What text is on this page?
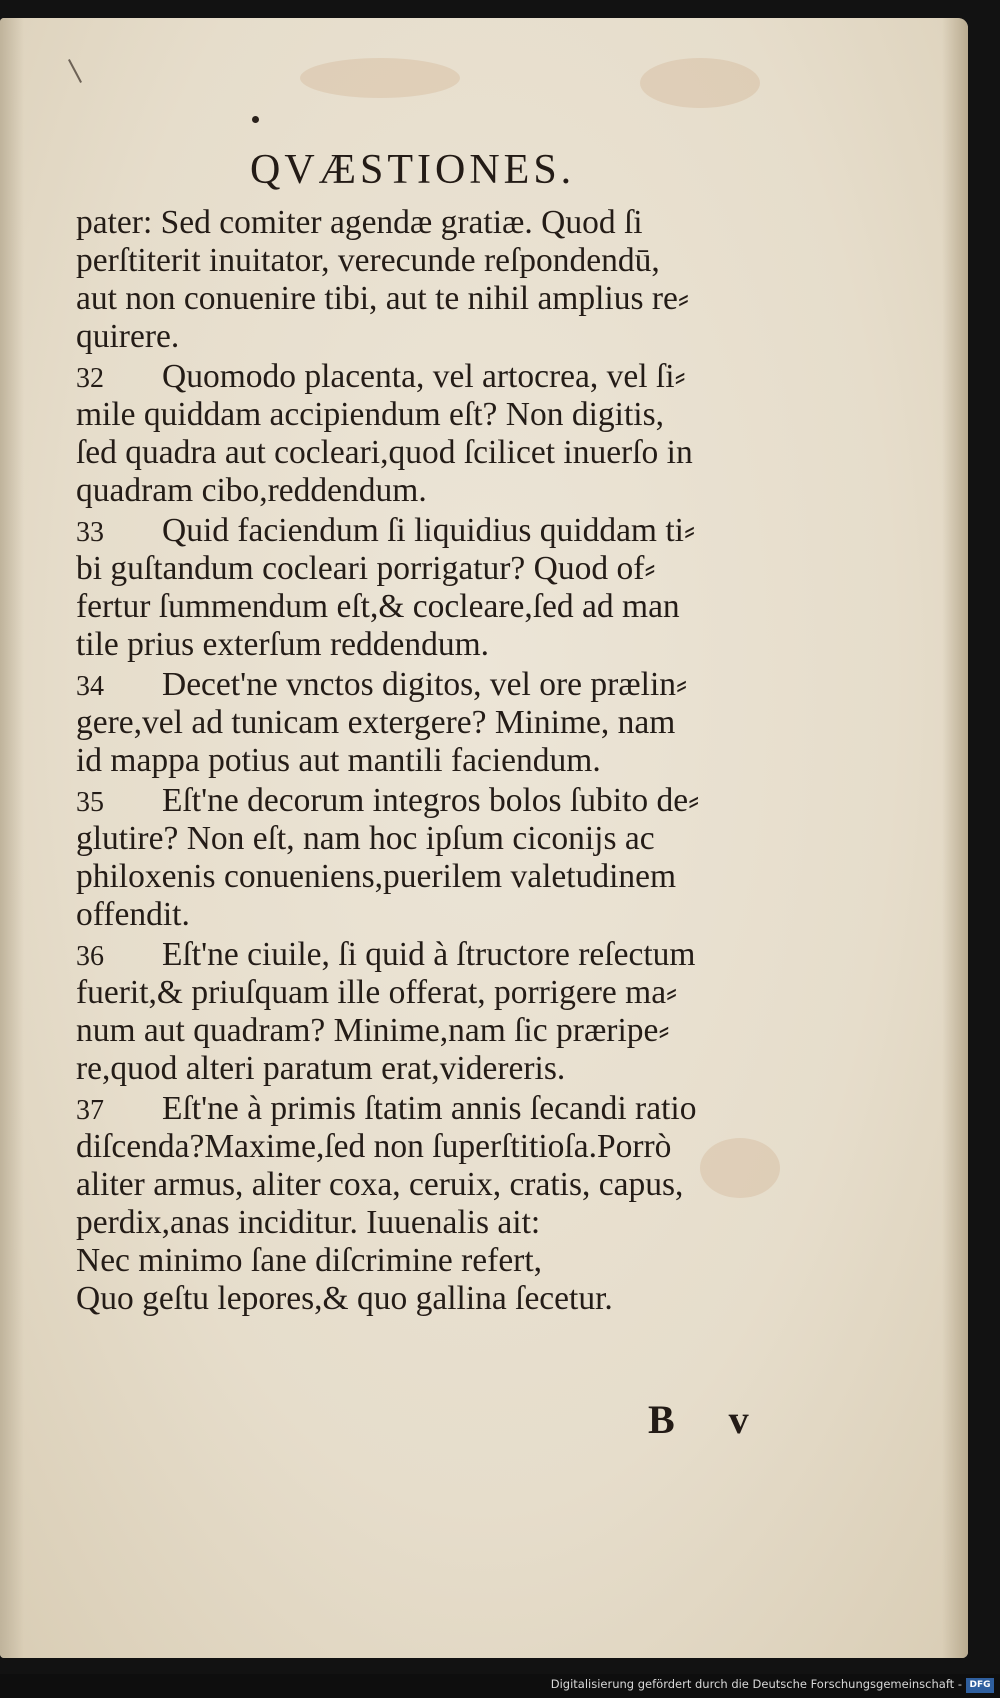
QVÆSTIONES.
pater: Sed comiter agendæ gratiæ. Quod ſi
perſtiterit inuitator, verecunde reſpondendū,
aut non conuenire tibi, aut te nihil amplius re⸗
quirere.
32 Quomodo placenta, vel artocrea, vel ſi⸗
mile quiddam accipiendum eſt? Non digitis,
ſed quadra aut cocleari,quod ſcilicet inuerſo in
quadram cibo,reddendum.
33 Quid faciendum ſi liquidius quiddam ti⸗
bi guſtandum cocleari porrigatur? Quod of⸗
fertur ſummendum eſt,& cocleare,ſed ad man
tile prius exterſum reddendum.
34 Decet'ne vnctos digitos, vel ore prælin⸗
gere,vel ad tunicam extergere? Minime, nam
id mappa potius aut mantili faciendum.
35 Eſt'ne decorum integros bolos ſubito de⸗
glutire? Non eſt, nam hoc ipſum ciconijs ac
philoxenis conueniens,puerilem valetudinem
offendit.
36 Eſt'ne ciuile, ſi quid à ſtructore reſectum
fuerit,& priuſquam ille offerat, porrigere ma⸗
num aut quadram? Minime,nam ſic præripe⸗
re,quod alteri paratum erat,videreris.
37 Eſt'ne à primis ſtatim annis ſecandi ratio
diſcenda?Maxime,ſed non ſuperſtitioſa.Porrò
aliter armus, aliter coxa, ceruix, cratis, capus,
perdix,anas inciditur. Iuuenalis ait:
Nec minimo ſane diſcrimine refert,
Quo geſtu lepores,& quo gallina ſecetur.
B v
Digitalisierung gefördert durch die Deutsche Forschungsgemeinschaft - DFG
